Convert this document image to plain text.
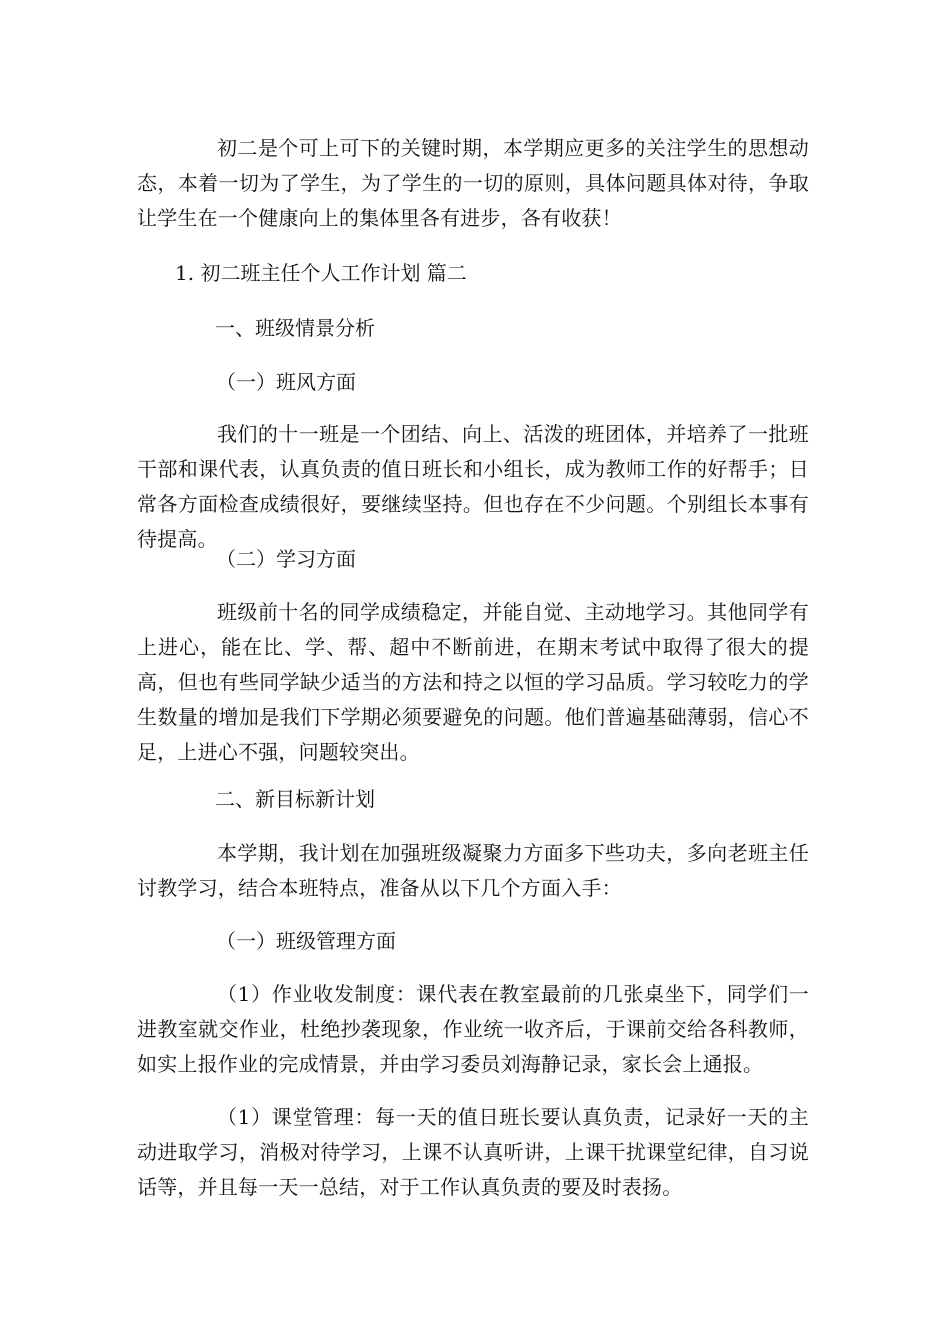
初二是个可上可下的关键时期，本学期应更多的关注学生的思想动态，本着一切为了学生，为了学生的一切的原则，具体问题具体对待，争取让学生在一个健康向上的集体里各有进步，各有收获！

1. 初二班主任个人工作计划 篇二

一、班级情景分析

（一）班风方面

我们的十一班是一个团结、向上、活泼的班团体，并培养了一批班干部和课代表，认真负责的值日班长和小组长，成为教师工作的好帮手；日常各方面检查成绩很好，要继续坚持。但也存在不少问题。个别组长本事有待提高。

（二）学习方面

班级前十名的同学成绩稳定，并能自觉、主动地学习。其他同学有上进心，能在比、学、帮、超中不断前进，在期末考试中取得了很大的提高，但也有些同学缺少适当的方法和持之以恒的学习品质。学习较吃力的学生数量的增加是我们下学期必须要避免的问题。他们普遍基础薄弱，信心不足，上进心不强，问题较突出。

二、新目标新计划

本学期，我计划在加强班级凝聚力方面多下些功夫，多向老班主任讨教学习，结合本班特点，准备从以下几个方面入手：

（一）班级管理方面

（1）作业收发制度：课代表在教室最前的几张桌坐下，同学们一进教室就交作业，杜绝抄袭现象，作业统一收齐后，于课前交给各科教师，如实上报作业的完成情景，并由学习委员刘海静记录，家长会上通报。

（1）课堂管理：每一天的值日班长要认真负责，记录好一天的主动进取学习，消极对待学习，上课不认真听讲，上课干扰课堂纪律，自习说话等，并且每一天一总结，对于工作认真负责的要及时表扬。
